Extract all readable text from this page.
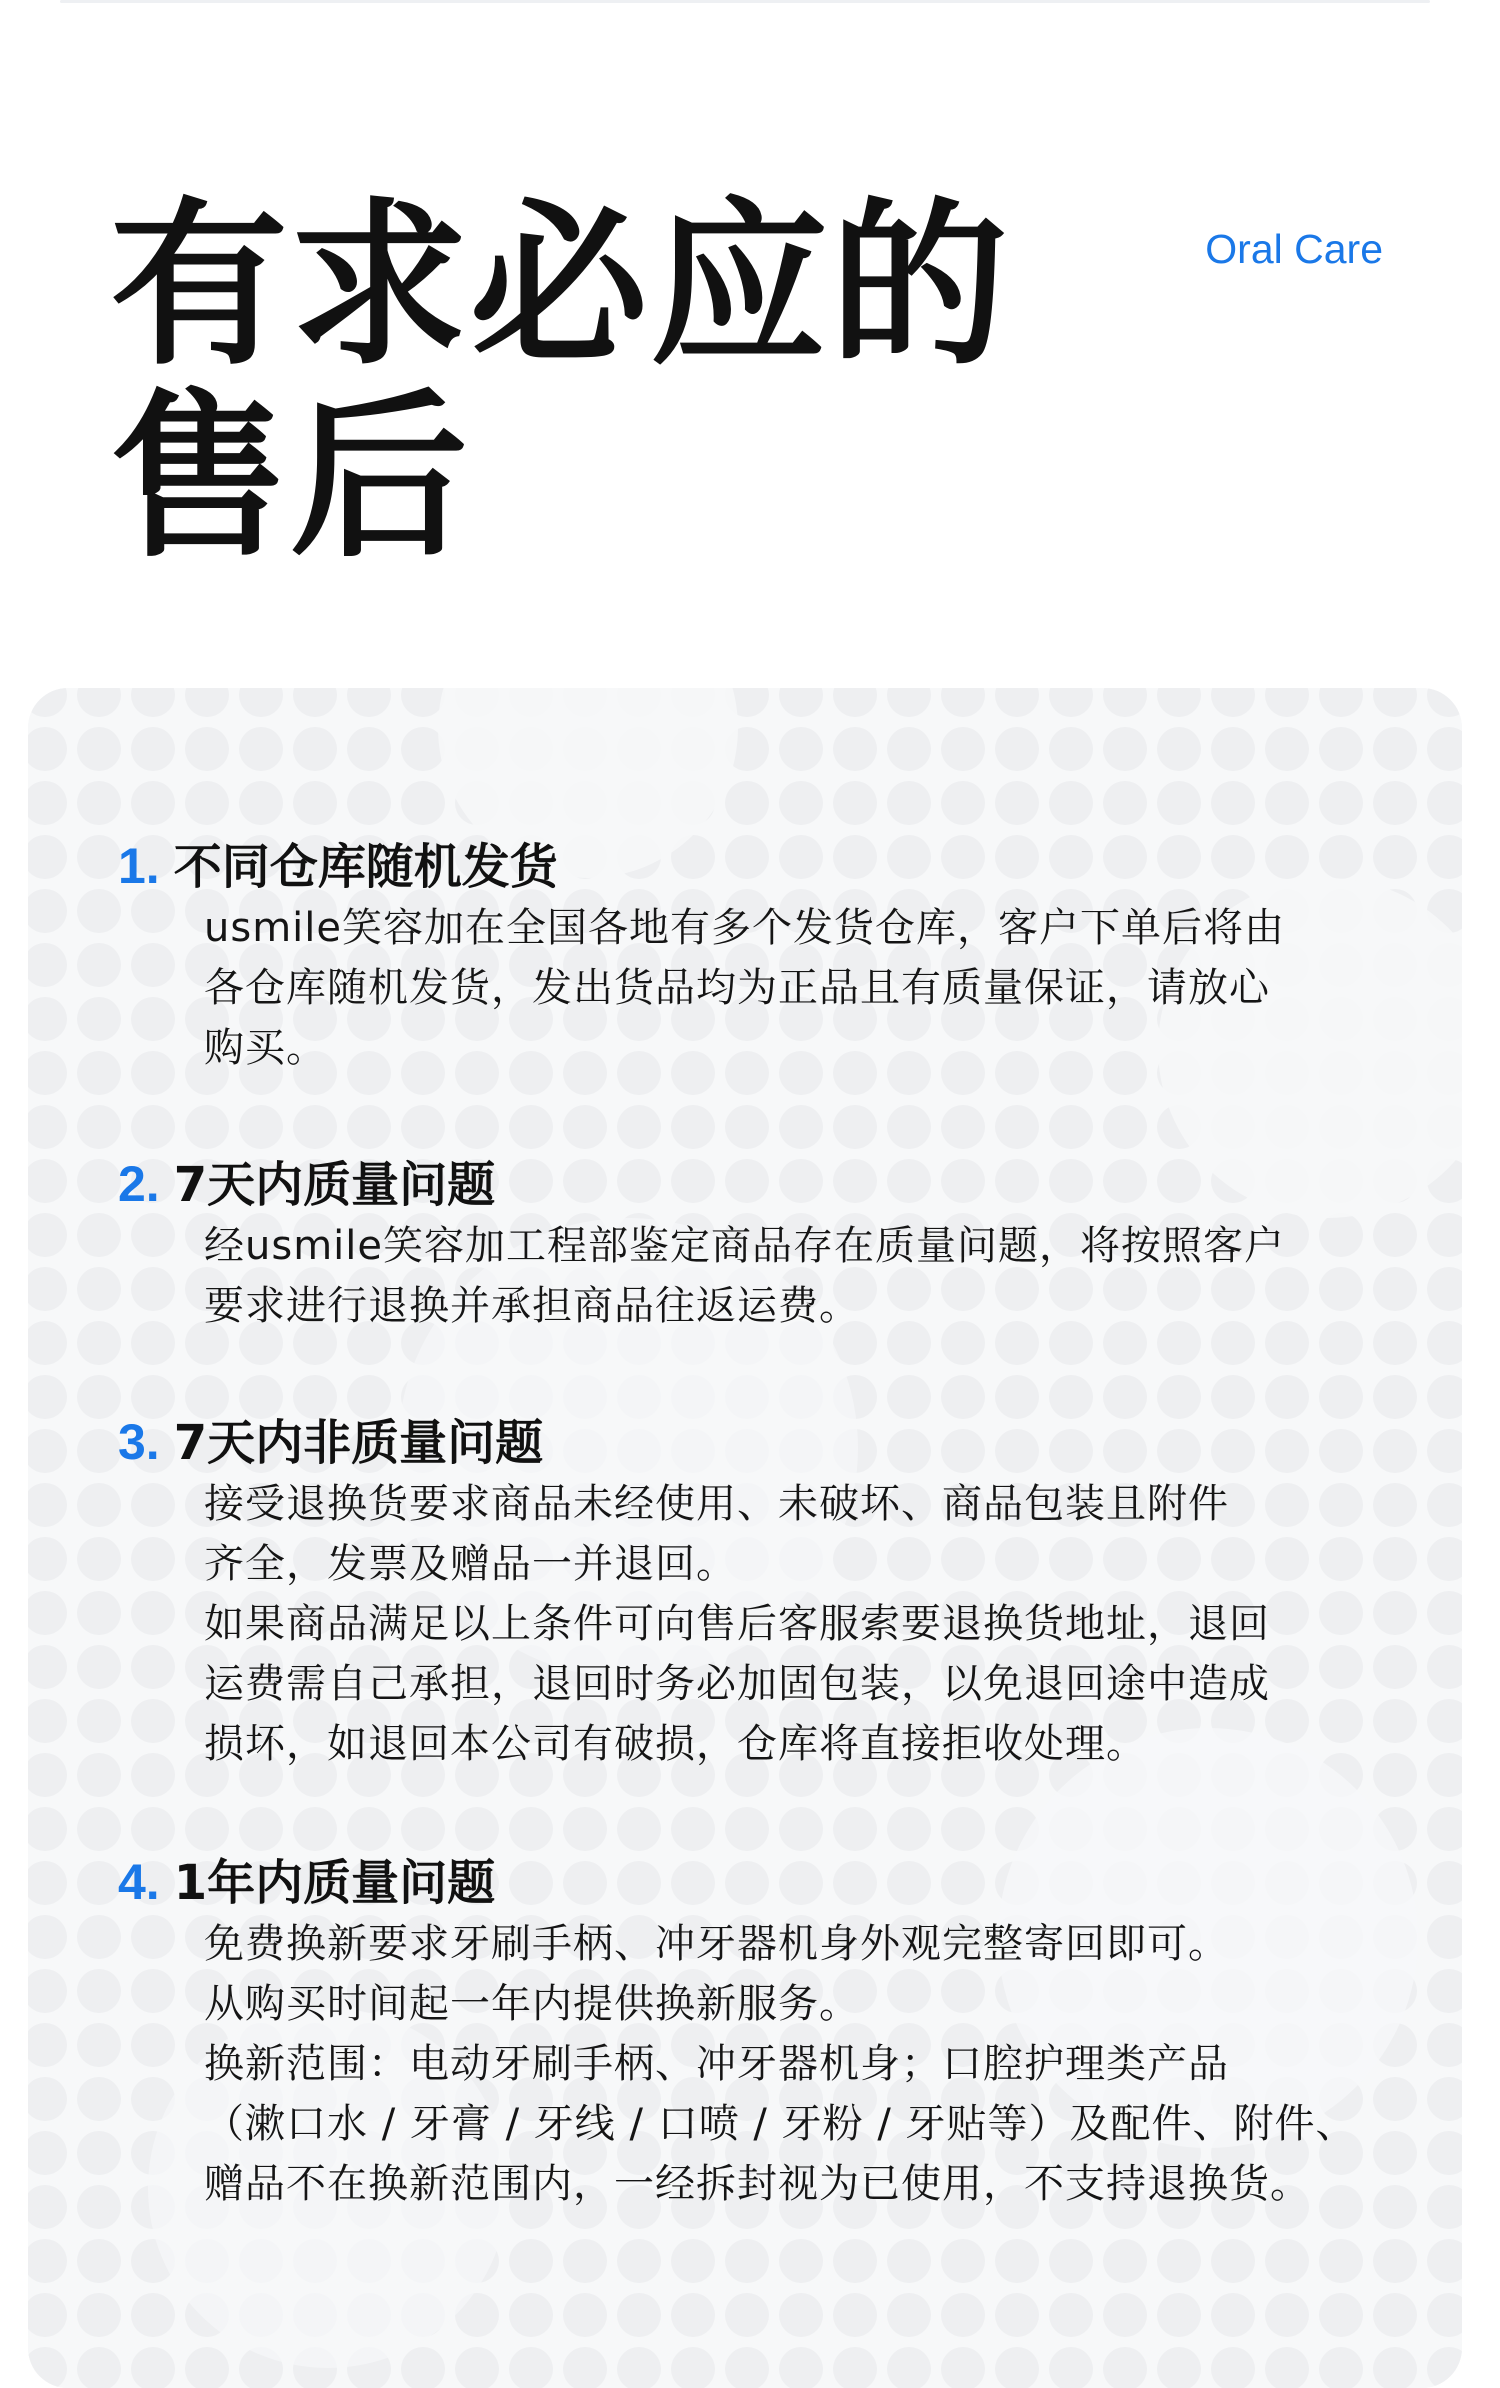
有求必应的
售后
Oral Care
1. 不同仓库随机发货
usmile笑容加在全国各地有多个发货仓库，客户下单后将由
各仓库随机发货，发出货品均为正品且有质量保证，请放心
购买。
2. 7天内质量问题
经usmile笑容加工程部鉴定商品存在质量问题，将按照客户
要求进行退换并承担商品往返运费。
3. 7天内非质量问题
接受退换货要求商品未经使用、未破坏、商品包装且附件
齐全，发票及赠品一并退回。
如果商品满足以上条件可向售后客服索要退换货地址，退回
运费需自己承担，退回时务必加固包装，以免退回途中造成
损坏，如退回本公司有破损，仓库将直接拒收处理。
4. 1年内质量问题
免费换新要求牙刷手柄、冲牙器机身外观完整寄回即可。
从购买时间起一年内提供换新服务。
换新范围：电动牙刷手柄、冲牙器机身；口腔护理类产品
（漱口水 / 牙膏 / 牙线 / 口喷 / 牙粉 / 牙贴等）及配件、附件、
赠品不在换新范围内，一经拆封视为已使用，不支持退换货。
